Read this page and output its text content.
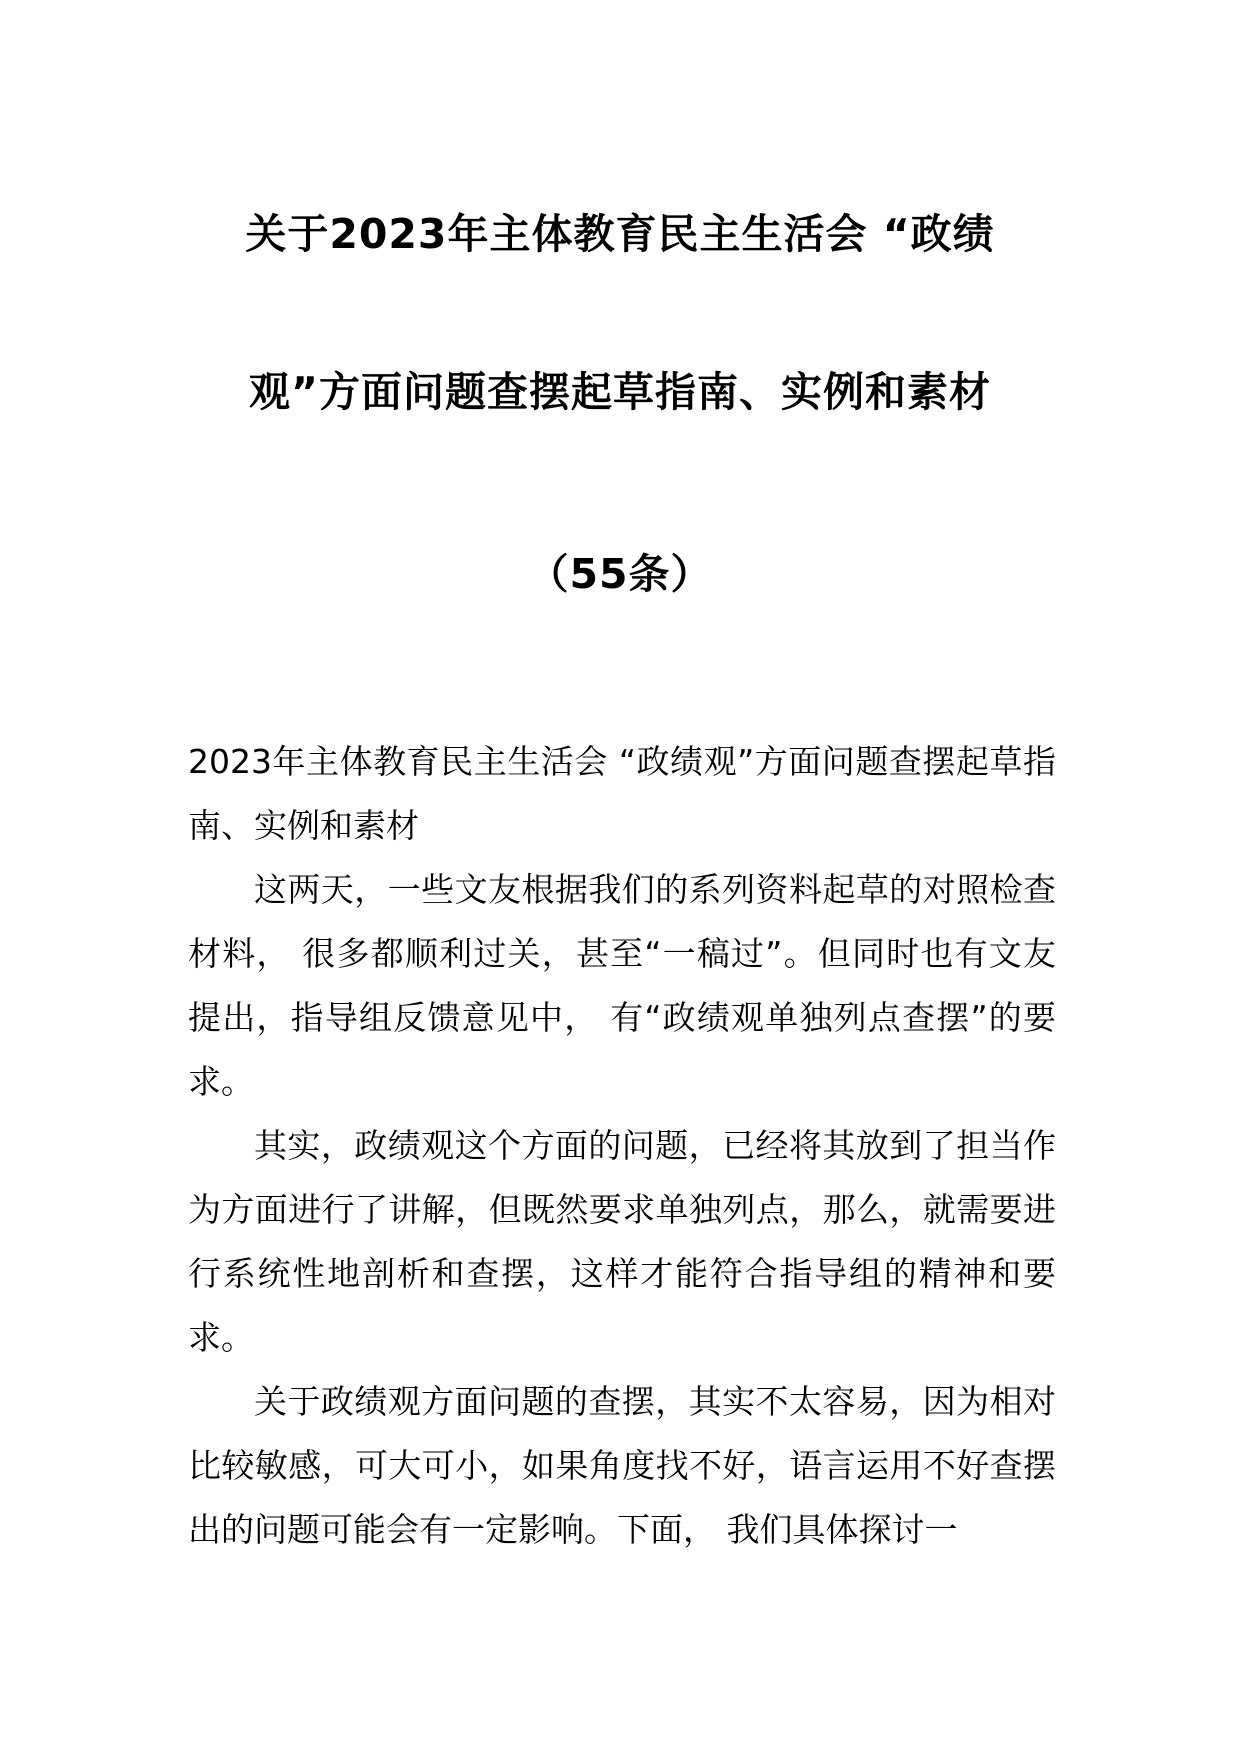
关于2023年主体教育民主生活会 “政绩
观”方面问题查摆起草指南、实例和素材
（55条）

2023年主体教育民主生活会 “政绩观”方面问题查摆起草指南、实例和素材

这两天，一些文友根据我们的系列资料起草的对照检查材料， 很多都顺利过关，甚至“一稿过”。但同时也有文友提出，指导组反馈意见中， 有“政绩观单独列点查摆”的要求。

其实，政绩观这个方面的问题，已经将其放到了担当作为方面进行了讲解，但既然要求单独列点，那么，就需要进行系统性地剖析和查摆，这样才能符合指导组的精神和要求。

关于政绩观方面问题的查摆，其实不太容易，因为相对比较敏感，可大可小，如果角度找不好，语言运用不好查摆出的问题可能会有一定影响。下面， 我们具体探讨一
